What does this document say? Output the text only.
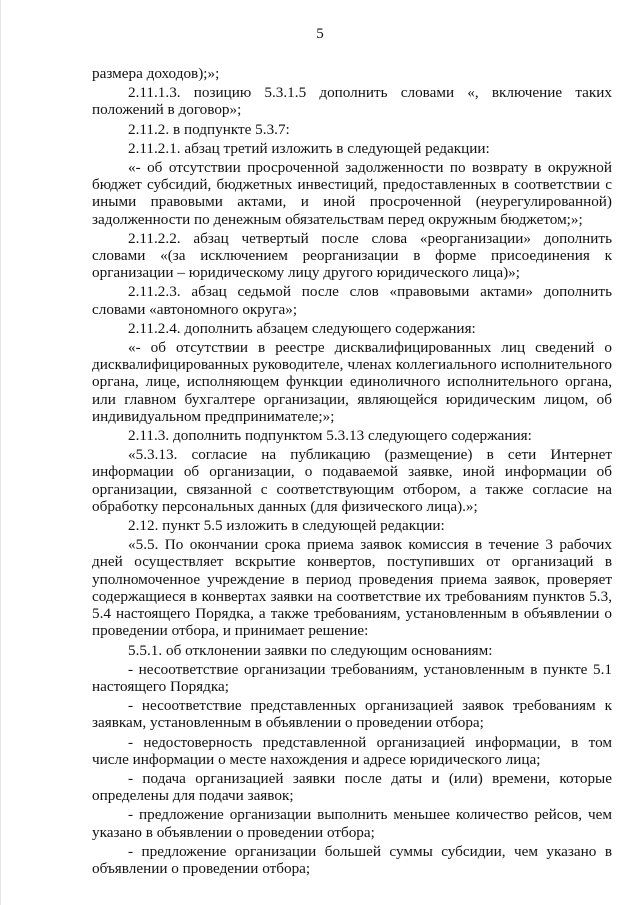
5

размера доходов);»;

2.11.1.3. позицию 5.3.1.5 дополнить словами «, включение таких положений в договор»;

2.11.2. в подпункте 5.3.7:

2.11.2.1. абзац третий изложить в следующей редакции:

«- об отсутствии просроченной задолженности по возврату в окружной бюджет субсидий, бюджетных инвестиций, предоставленных в соответствии с иными правовыми актами, и иной просроченной (неурегулированной) задолженности по денежным обязательствам перед окружным бюджетом;»;

2.11.2.2. абзац четвертый после слова «реорганизации» дополнить словами «(за исключением реорганизации в форме присоединения к организации – юридическому лицу другого юридического лица)»;

2.11.2.3. абзац седьмой после слов «правовыми актами» дополнить словами «автономного округа»;

2.11.2.4. дополнить абзацем следующего содержания:

«- об отсутствии в реестре дисквалифицированных лиц сведений о дисквалифицированных руководителе, членах коллегиального исполнительного органа, лице, исполняющем функции единоличного исполнительного органа, или главном бухгалтере организации, являющейся юридическим лицом, об индивидуальном предпринимателе;»;

2.11.3. дополнить подпунктом 5.3.13 следующего содержания:

«5.3.13. согласие на публикацию (размещение) в сети Интернет информации об организации, о подаваемой заявке, иной информации об организации, связанной с соответствующим отбором, а также согласие на обработку персональных данных (для физического лица).»;

2.12. пункт 5.5 изложить в следующей редакции:

«5.5. По окончании срока приема заявок комиссия в течение 3 рабочих дней осуществляет вскрытие конвертов, поступивших от организаций в уполномоченное учреждение в период проведения приема заявок, проверяет содержащиеся в конвертах заявки на соответствие их требованиям пунктов 5.3, 5.4 настоящего Порядка, а также требованиям, установленным в объявлении о проведении отбора, и принимает решение:

5.5.1. об отклонении заявки по следующим основаниям:

- несоответствие организации требованиям, установленным в пункте 5.1 настоящего Порядка;

- несоответствие представленных организацией заявок требованиям к заявкам, установленным в объявлении о проведении отбора;

- недостоверность представленной организацией информации, в том числе информации о месте нахождения и адресе юридического лица;

- подача организацией заявки после даты и (или) времени, которые определены для подачи заявок;

- предложение организации выполнить меньшее количество рейсов, чем указано в объявлении о проведении отбора;

- предложение организации большей суммы субсидии, чем указано в объявлении о проведении отбора;
